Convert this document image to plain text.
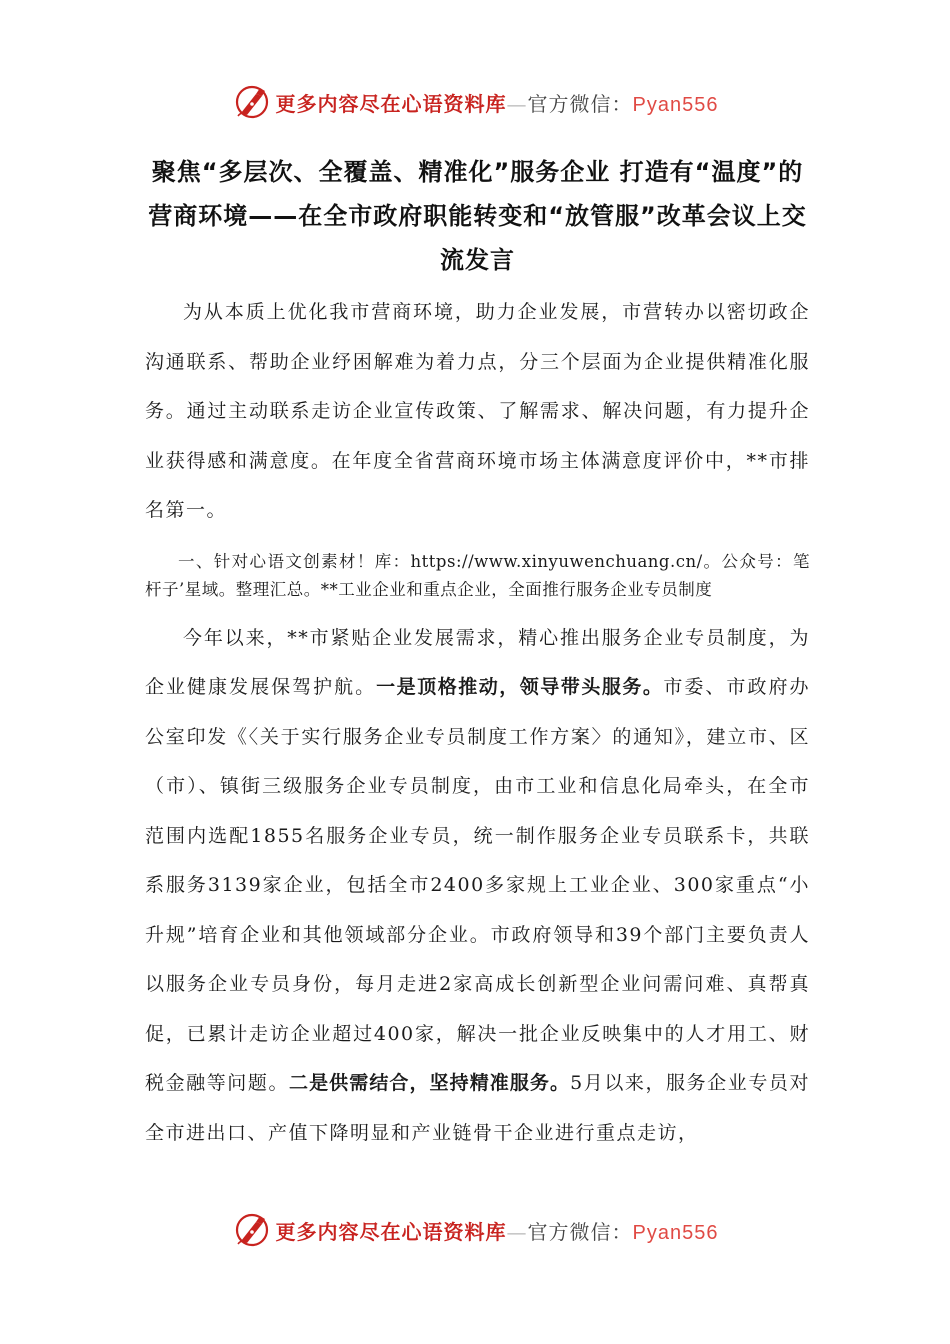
更多内容尽在心语资料库—官方微信：Pyan556
聚焦“多层次、全覆盖、精准化”服务企业 打造有“温度”的营商环境——在全市政府职能转变和“放管服”改革会议上交流发言

为从本质上优化我市营商环境，助力企业发展，市营转办以密切政企沟通联系、帮助企业纾困解难为着力点，分三个层面为企业提供精准化服务。通过主动联系走访企业宣传政策、了解需求、解决问题，有力提升企业获得感和满意度。在年度全省营商环境市场主体满意度评价中，**市排名第一。

一、针对心语文创素材！库：https://www.xinyuwenchuang.cn/。公众号：笔杆子’星域。整理汇总。**工业企业和重点企业，全面推行服务企业专员制度

今年以来，**市紧贴企业发展需求，精心推出服务企业专员制度，为企业健康发展保驾护航。一是顶格推动，领导带头服务。市委、市政府办公室印发《〈关于实行服务企业专员制度工作方案〉的通知》，建立市、区（市）、镇街三级服务企业专员制度，由市工业和信息化局牵头，在全市范围内选配1855名服务企业专员，统一制作服务企业专员联系卡，共联系服务3139家企业，包括全市2400多家规上工业企业、300家重点“小升规”培育企业和其他领域部分企业。市政府领导和39个部门主要负责人以服务企业专员身份，每月走进2家高成长创新型企业问需问难、真帮真促，已累计走访企业超过400家，解决一批企业反映集中的人才用工、财税金融等问题。二是供需结合，坚持精准服务。5月以来，服务企业专员对全市进出口、产值下降明显和产业链骨干企业进行重点走访，

更多内容尽在心语资料库—官方微信：Pyan556
